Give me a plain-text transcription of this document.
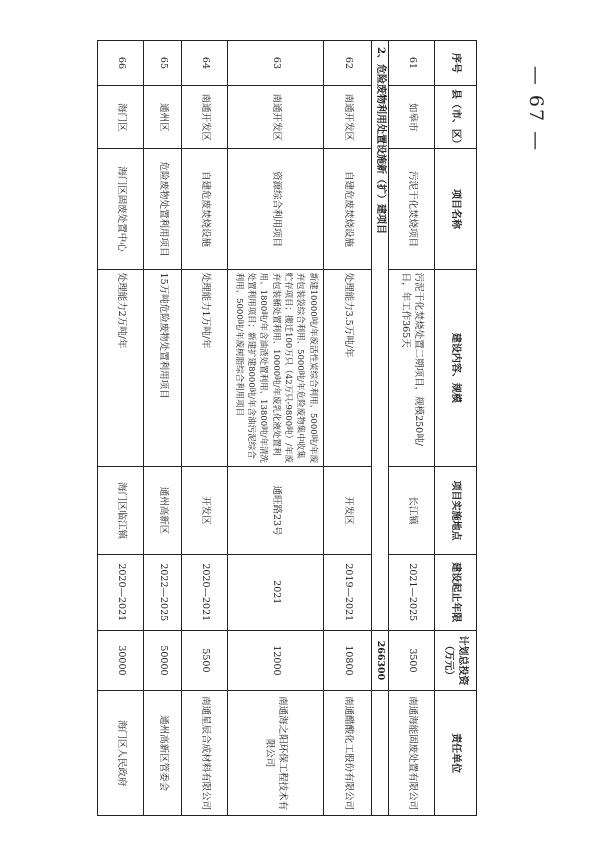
— 67 —
序号	县（市、区）	项目名称	建设内容、规模	项目实施地点	建设起止年限	计划总投资（万元）	责任单位
61	如皋市	污泥干化焚烧项目	污泥干化焚烧处置二期项目，规模250吨/日，年工作365天	长江镇	2021—2025	3500	南通海能固废处置有限公司
2、危险废物利用处置设施新（扩）建项目						266300	
62	南通开发区	自建危废焚烧设施	处理能力3.5万吨/年	开发区	2019—2021	10800	南通醋酸化工股份有限公司
63	南通开发区	资源综合利用项目	新建10000吨/年废活性炭综合利用、5000吨/年废弃包装袋综合利用、5000吨/年危险废物集中收集贮存项目；搬迁100万只（42万只-9800吨）/年废弃包装桶处置利用、10000吨/年废乳化液处置利用、1800吨/年含油渣处置利用、13800吨/年清洗处置利用项目；新建扩建8000吨/年含油污泥综合利用、5000吨/年废树脂综合利用项目	通旺路23号	2021	12000	南通海之阳环保工程技术有限公司
64	南通开发区	自建危废焚烧设施	处理能力1万吨/年	开发区	2020—2021	5500	南通星辰合成材料有限公司
65	通州区	危险废物处置利用项目	15万吨危险废物处置利用项目	通州高新区	2022—2025	50000	通州高新区管委会
66	海门区	海门区固废处置中心	处理能力2万吨/年	海门区临江镇	2020—2021	30000	海门区人民政府
